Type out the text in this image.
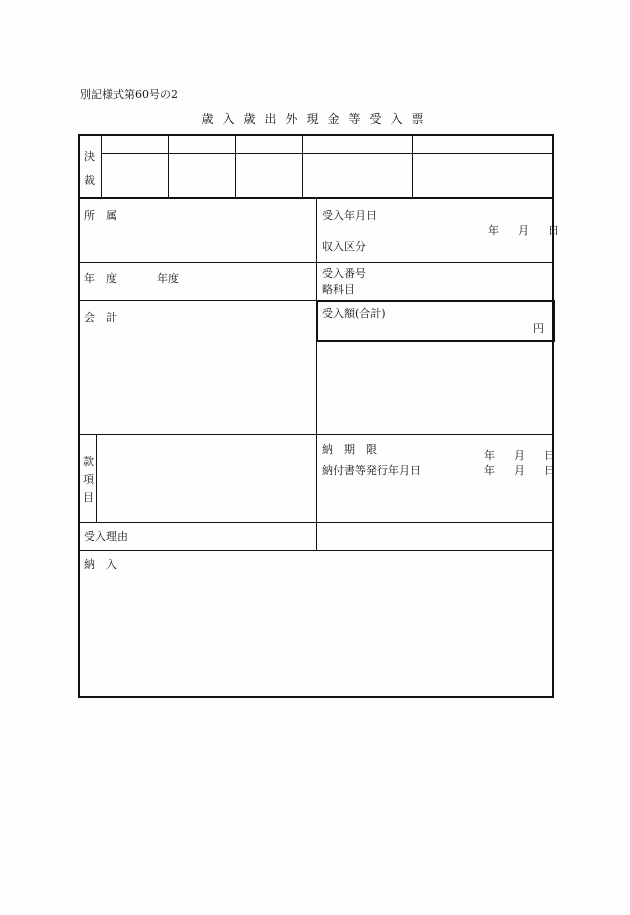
別記様式第60号の2
歳入歳出外現金等受入票
決
裁
所　属	受入年月日
年　月　日
収入区分
年　度	年度	受入番号
略科目
会　計	受入額(合計)
円
款
項
目
納　期　限	年　月　日
納付書等発行年月日	年　月　日
受入理由
納　入
